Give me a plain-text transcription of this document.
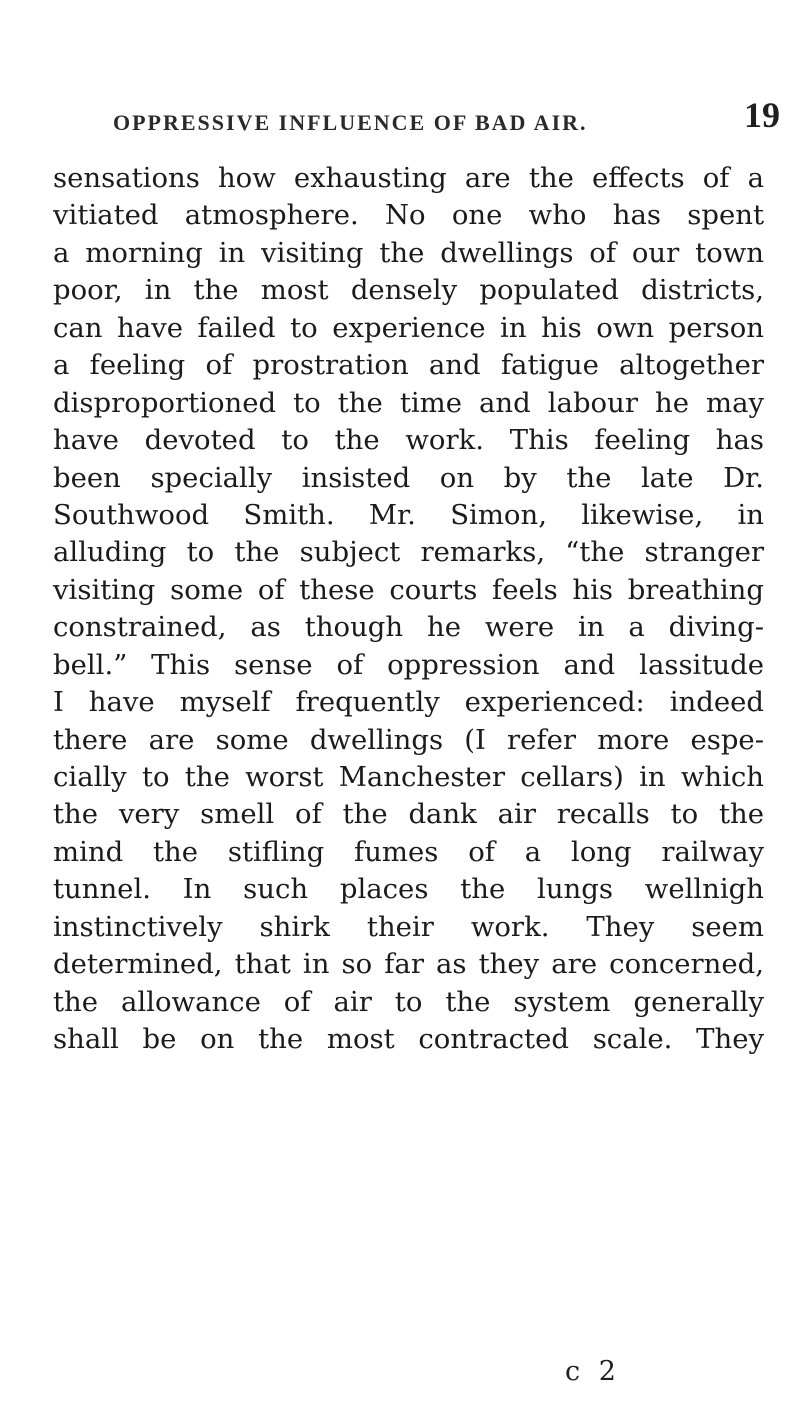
OPPRESSIVE INFLUENCE OF BAD AIR.	19
sensations how exhausting are the effects of a
vitiated atmosphere. No one who has spent
a morning in visiting the dwellings of our town
poor, in the most densely populated districts,
can have failed to experience in his own person
a feeling of prostration and fatigue altogether
disproportioned to the time and labour he may
have devoted to the work. This feeling has
been specially insisted on by the late Dr.
Southwood Smith. Mr. Simon, likewise, in
alluding to the subject remarks, “the stranger
visiting some of these courts feels his breathing
constrained, as though he were in a diving-
bell.” This sense of oppression and lassitude
I have myself frequently experienced: indeed
there are some dwellings (I refer more espe-
cially to the worst Manchester cellars) in which
the very smell of the dank air recalls to the
mind the stifling fumes of a long railway
tunnel. In such places the lungs wellnigh
instinctively shirk their work. They seem
determined, that in so far as they are concerned,
the allowance of air to the system generally
shall be on the most contracted scale. They
c 2
